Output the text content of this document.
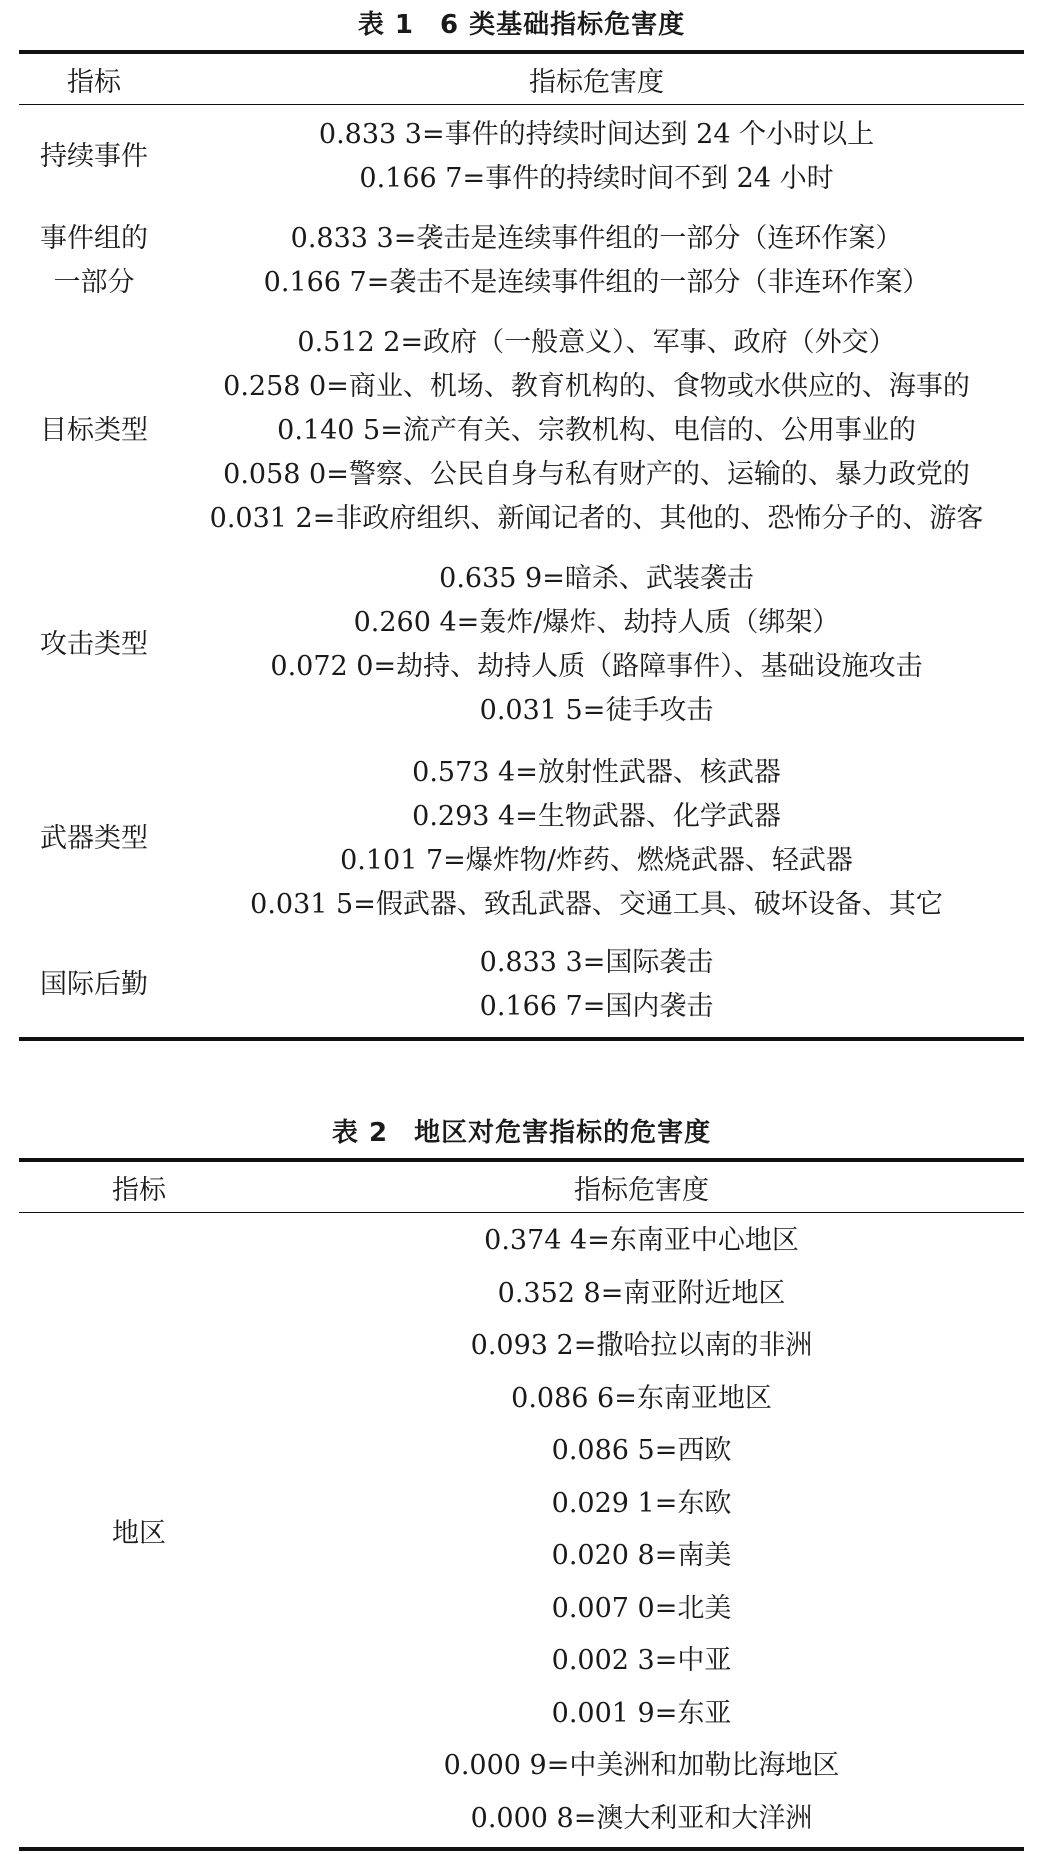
表 1 6 类基础指标危害度
指标	指标危害度
持续事件
0.833 3=事件的持续时间达到 24 个小时以上
0.166 7=事件的持续时间不到 24 小时
事件组的
一部分
0.833 3=袭击是连续事件组的一部分（连环作案）
0.166 7=袭击不是连续事件组的一部分（非连环作案）
目标类型
0.512 2=政府（一般意义）、军事、政府（外交）
0.258 0=商业、机场、教育机构的、食物或水供应的、海事的
0.140 5=流产有关、宗教机构、电信的、公用事业的
0.058 0=警察、公民自身与私有财产的、运输的、暴力政党的
0.031 2=非政府组织、新闻记者的、其他的、恐怖分子的、游客
攻击类型
0.635 9=暗杀、武装袭击
0.260 4=轰炸/爆炸、劫持人质（绑架）
0.072 0=劫持、劫持人质（路障事件）、基础设施攻击
0.031 5=徒手攻击
武器类型
0.573 4=放射性武器、核武器
0.293 4=生物武器、化学武器
0.101 7=爆炸物/炸药、燃烧武器、轻武器
0.031 5=假武器、致乱武器、交通工具、破坏设备、其它
国际后勤
0.833 3=国际袭击
0.166 7=国内袭击
表 2 地区对危害指标的危害度
指标	指标危害度
地区
0.374 4=东南亚中心地区
0.352 8=南亚附近地区
0.093 2=撒哈拉以南的非洲
0.086 6=东南亚地区
0.086 5=西欧
0.029 1=东欧
0.020 8=南美
0.007 0=北美
0.002 3=中亚
0.001 9=东亚
0.000 9=中美洲和加勒比海地区
0.000 8=澳大利亚和大洋洲
